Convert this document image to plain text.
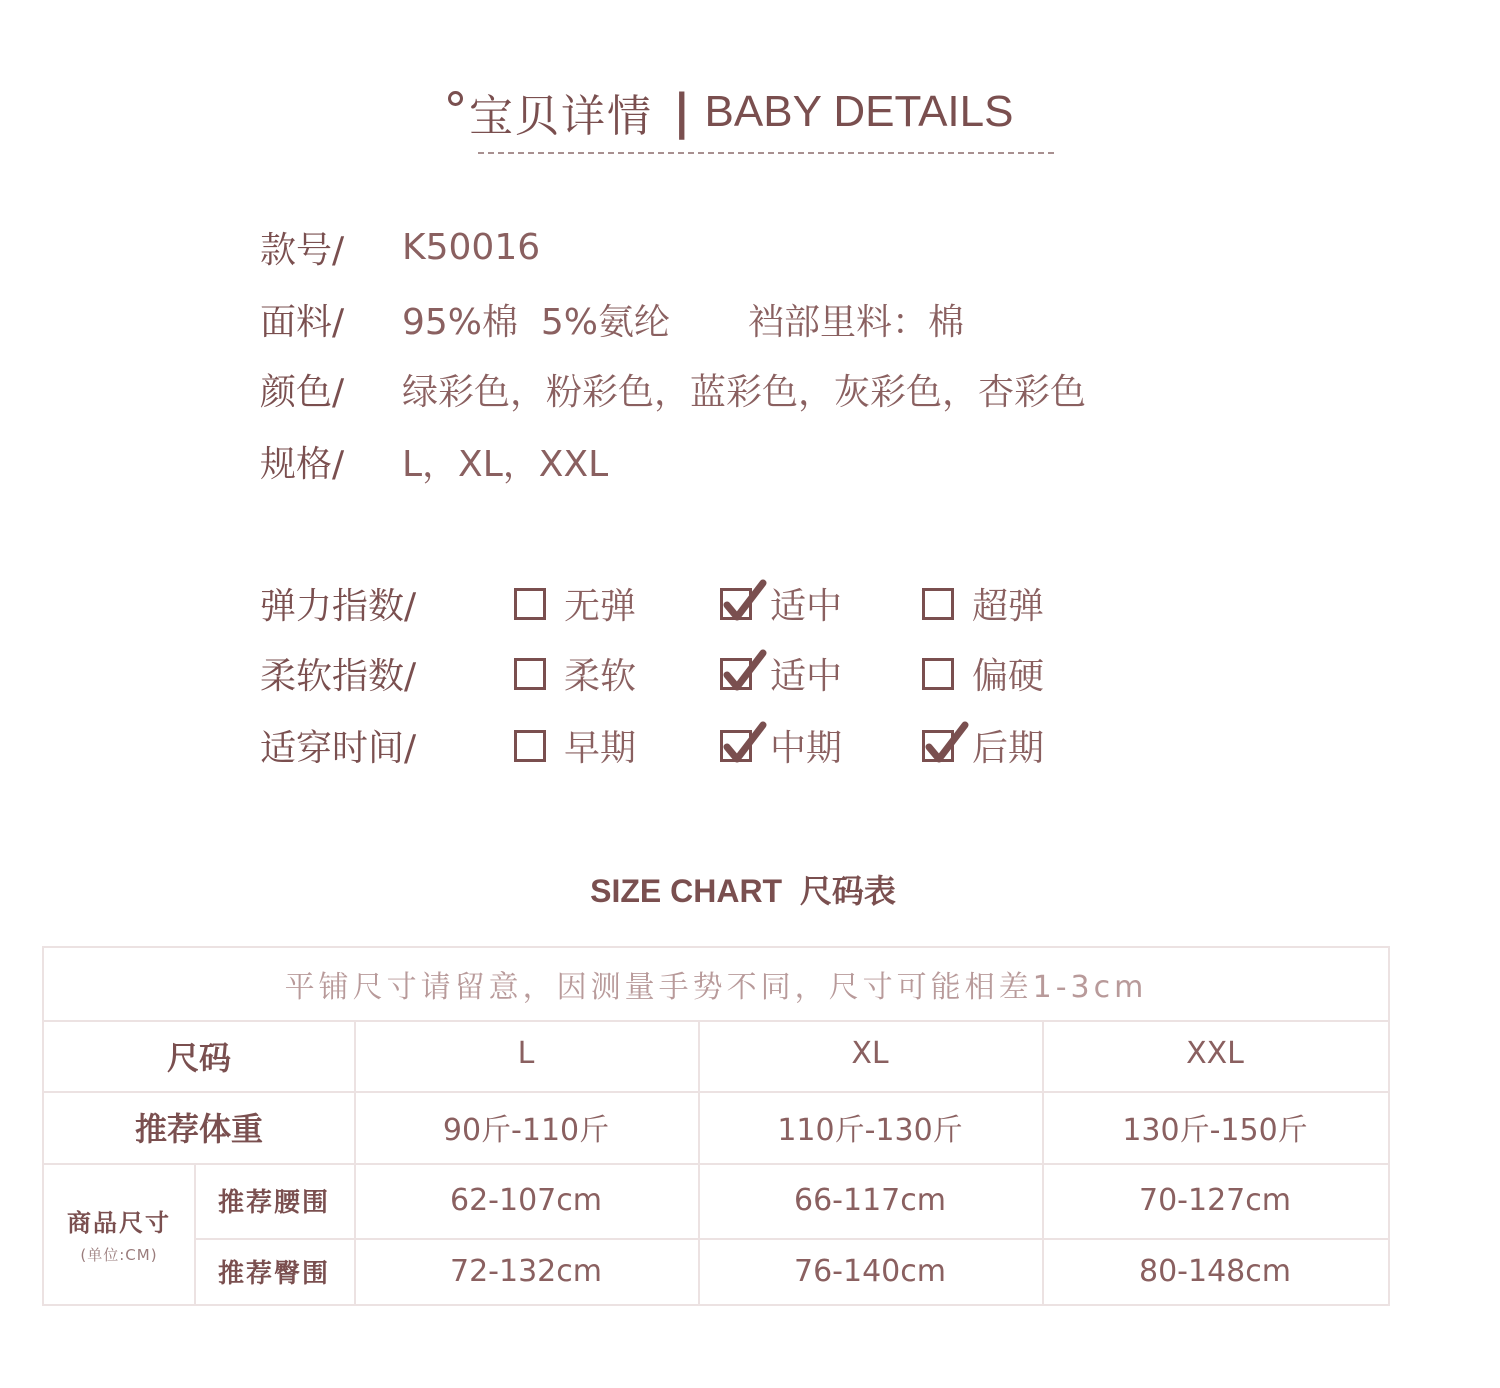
宝贝详情 | BABY DETAILS
款号/	K50016
面料/	95%棉  5%氨纶 裆部里料：棉
颜色/	绿彩色，粉彩色，蓝彩色，灰彩色，杏彩色
规格/	L，XL，XXL
弹力指数/	无弹	适中	超弹
柔软指数/	柔软	适中	偏硬
适穿时间/	早期	中期	后期
SIZE CHART  尺码表
平铺尺寸请留意，因测量手势不同，尺寸可能相差1-3cm
尺码	L	XL	XXL
推荐体重	90斤-110斤	110斤-130斤	130斤-150斤
商品尺寸
(单位:CM)
推荐腰围	62-107cm	66-117cm	70-127cm
推荐臀围	72-132cm	76-140cm	80-148cm
